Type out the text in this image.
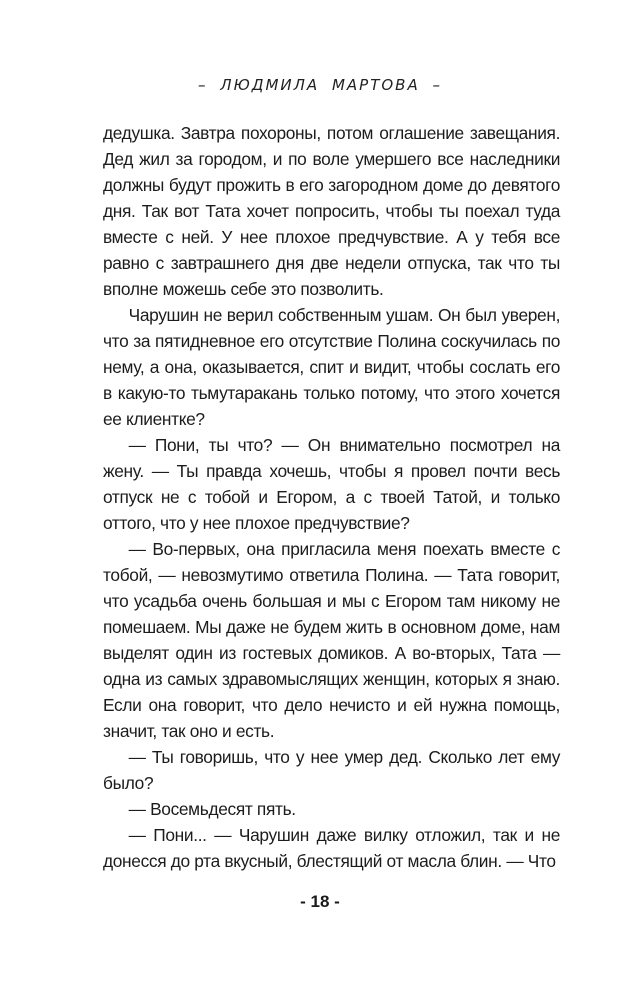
– ЛЮДМИЛА МАРТОВА –

дедушка. Завтра похороны, потом оглашение завещания. Дед жил за городом, и по воле умершего все наследники должны будут прожить в его загородном доме до девятого дня. Так вот Тата хочет попросить, чтобы ты поехал туда вместе с ней. У нее плохое предчувствие. А у тебя все равно с завтрашнего дня две недели отпуска, так что ты вполне можешь себе это позволить.

Чарушин не верил собственным ушам. Он был уверен, что за пятидневное его отсутствие Полина соскучилась по нему, а она, оказывается, спит и видит, чтобы сослать его в какую-то тьмутаракань только потому, что этого хочется ее клиентке?

— Пони, ты что? — Он внимательно посмотрел на жену. — Ты правда хочешь, чтобы я провел почти весь отпуск не с тобой и Егором, а с твоей Татой, и только оттого, что у нее плохое предчувствие?

— Во-первых, она пригласила меня поехать вместе с тобой, — невозмутимо ответила Полина. — Тата говорит, что усадьба очень большая и мы с Егором там никому не помешаем. Мы даже не будем жить в основном доме, нам выделят один из гостевых домиков. А во-вторых, Тата — одна из самых здравомыслящих женщин, которых я знаю. Если она говорит, что дело нечисто и ей нужна помощь, значит, так оно и есть.

— Ты говоришь, что у нее умер дед. Сколько лет ему было?

— Восемьдесят пять.

— Пони... — Чарушин даже вилку отложил, так и не донесся до рта вкусный, блестящий от масла блин. — Что

- 18 -
